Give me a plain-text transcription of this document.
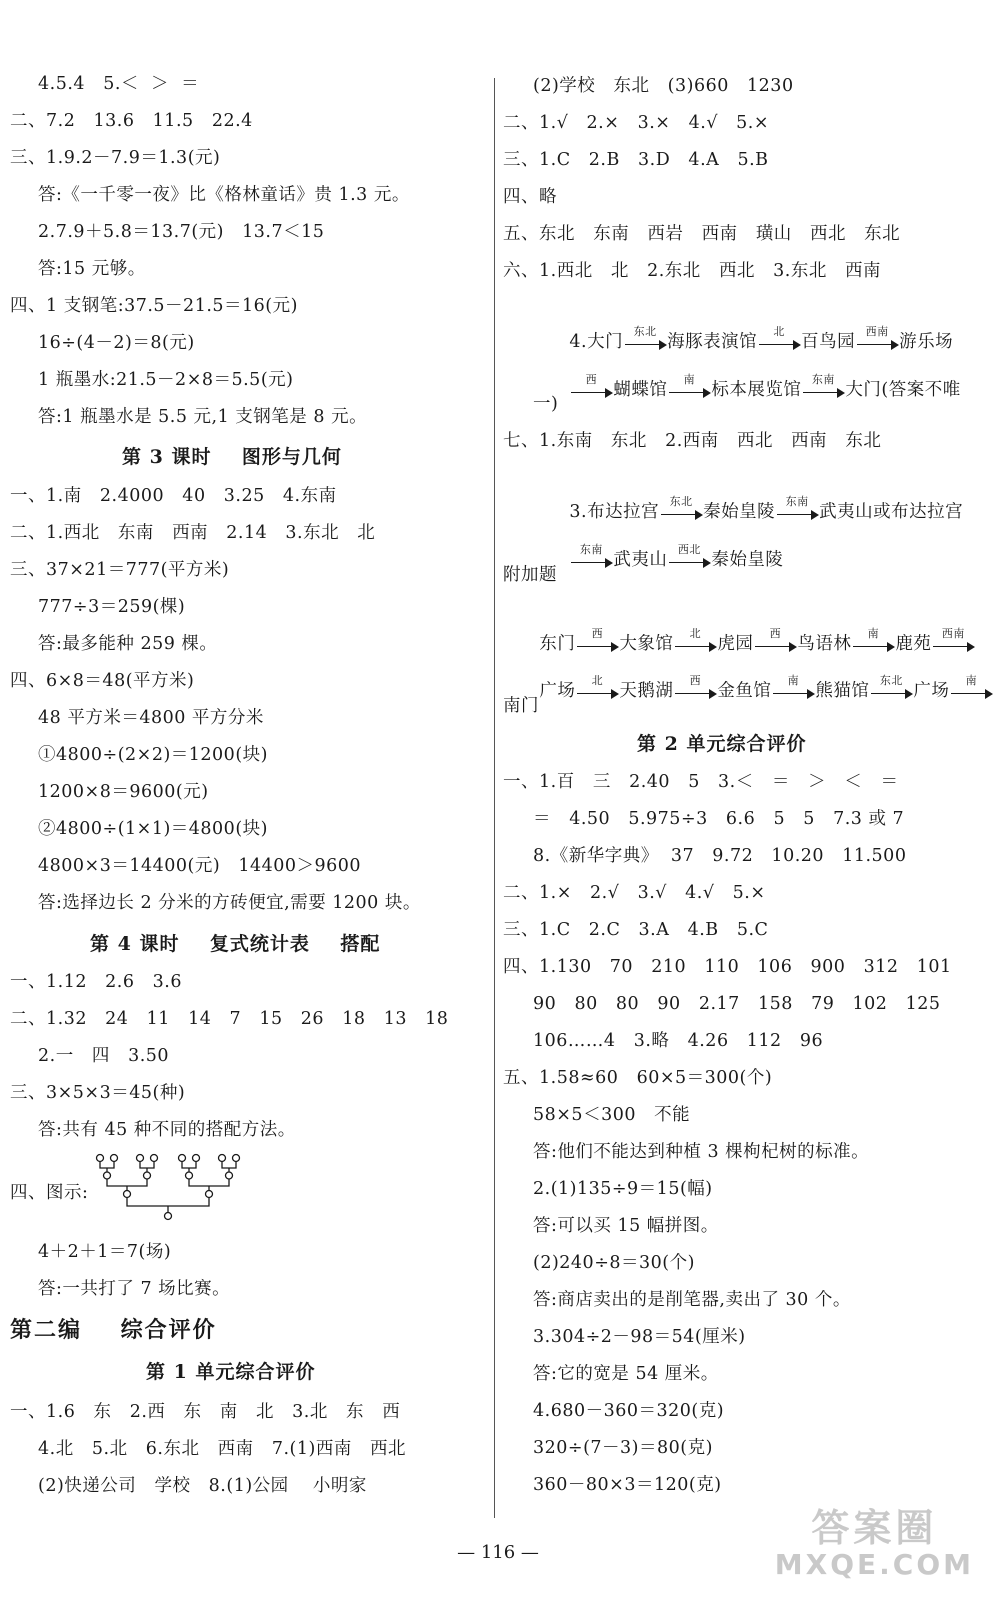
4.5.4   5.＜  ＞  ＝
二、7.2   13.6   11.5   22.4
三、1.9.2－7.9＝1.3(元)
答:《一千零一夜》比《格林童话》贵 1.3 元。
2.7.9＋5.8＝13.7(元)   13.7＜15
答:15 元够。
四、1 支钢笔:37.5－21.5＝16(元)
16÷(4－2)＝8(元)
1 瓶墨水:21.5－2×8＝5.5(元)
答:1 瓶墨水是 5.5 元,1 支钢笔是 8 元。
第 3 课时    图形与几何
一、1.南   2.4000   40   3.25   4.东南
二、1.西北   东南   西南   2.14   3.东北   北
三、37×21＝777(平方米)
777÷3＝259(棵)
答:最多能种 259 棵。
四、6×8＝48(平方米)
48 平方米＝4800 平方分米
①4800÷(2×2)＝1200(块)
1200×8＝9600(元)
②4800÷(1×1)＝4800(块)
4800×3＝14400(元)   14400＞9600
答:选择边长 2 分米的方砖便宜,需要 1200 块。
第 4 课时    复式统计表    搭配
一、1.12   2.6   3.6
二、1.32   24   11   14   7   15   26   18   13   18
2.一   四   3.50
三、3×5×3＝45(种)
答:共有 45 种不同的搭配方法。
四、图示:
4＋2＋1＝7(场)
答:一共打了 7 场比赛。
第二编    综合评价
第 1 单元综合评价
一、1.6   东   2.西   东   南   北   3.北   东   西
4.北   5.北   6.东北   西南   7.(1)西南   西北
(2)快递公司   学校   8.(1)公园    小明家
(2)学校   东北   (3)660   1230
二、1.√   2.×   3.×   4.√   5.×
三、1.C   2.B   3.D   4.A   5.B
四、略
五、东北   东南   西岩   西南   璜山   西北   东北
六、1.西北   北   2.东北   西北   3.东北   西南

4.大门
东北
海豚表演馆
北
百鸟园
西南
游乐场

西
蝴蝶馆
南
标本展览馆
东南
大门(答案不唯

一)
七、1.东南   东北   2.西南   西北   西南   东北

3.布达拉宫
东北
秦始皇陵
东南
武夷山或布达拉宫

东南
武夷山
西北
秦始皇陵

附加题

东门
西
大象馆
北
虎园
西
鸟语林
南
鹿苑
西南

广场
北
天鹅湖
西
金鱼馆
南
熊猫馆
东北
广场
南

南门
第 2 单元综合评价
一、1.百   三   2.40   5   3.＜   ＝   ＞   ＜   ＝
＝   4.50   5.975÷3   6.6   5   5   7.3 或 7
8.《新华字典》  37   9.72   10.20   11.500
二、1.×   2.√   3.√   4.√   5.×
三、1.C   2.C   3.A   4.B   5.C
四、1.130   70   210   110   106   900   312   101
90   80   80   90   2.17   158   79   102   125
106……4   3.略   4.26   112   96
五、1.58≈60   60×5＝300(个)
58×5＜300   不能
答:他们不能达到种植 3 棵枸杞树的标准。
2.(1)135÷9＝15(幅)
答:可以买 15 幅拼图。
(2)240÷8＝30(个)
答:商店卖出的是削笔器,卖出了 30 个。
3.304÷2－98＝54(厘米)
答:它的宽是 54 厘米。
4.680－360＝320(克)
320÷(7－3)＝80(克)
360－80×3＝120(克)
— 116 —
答案圈
MXQE.COM
